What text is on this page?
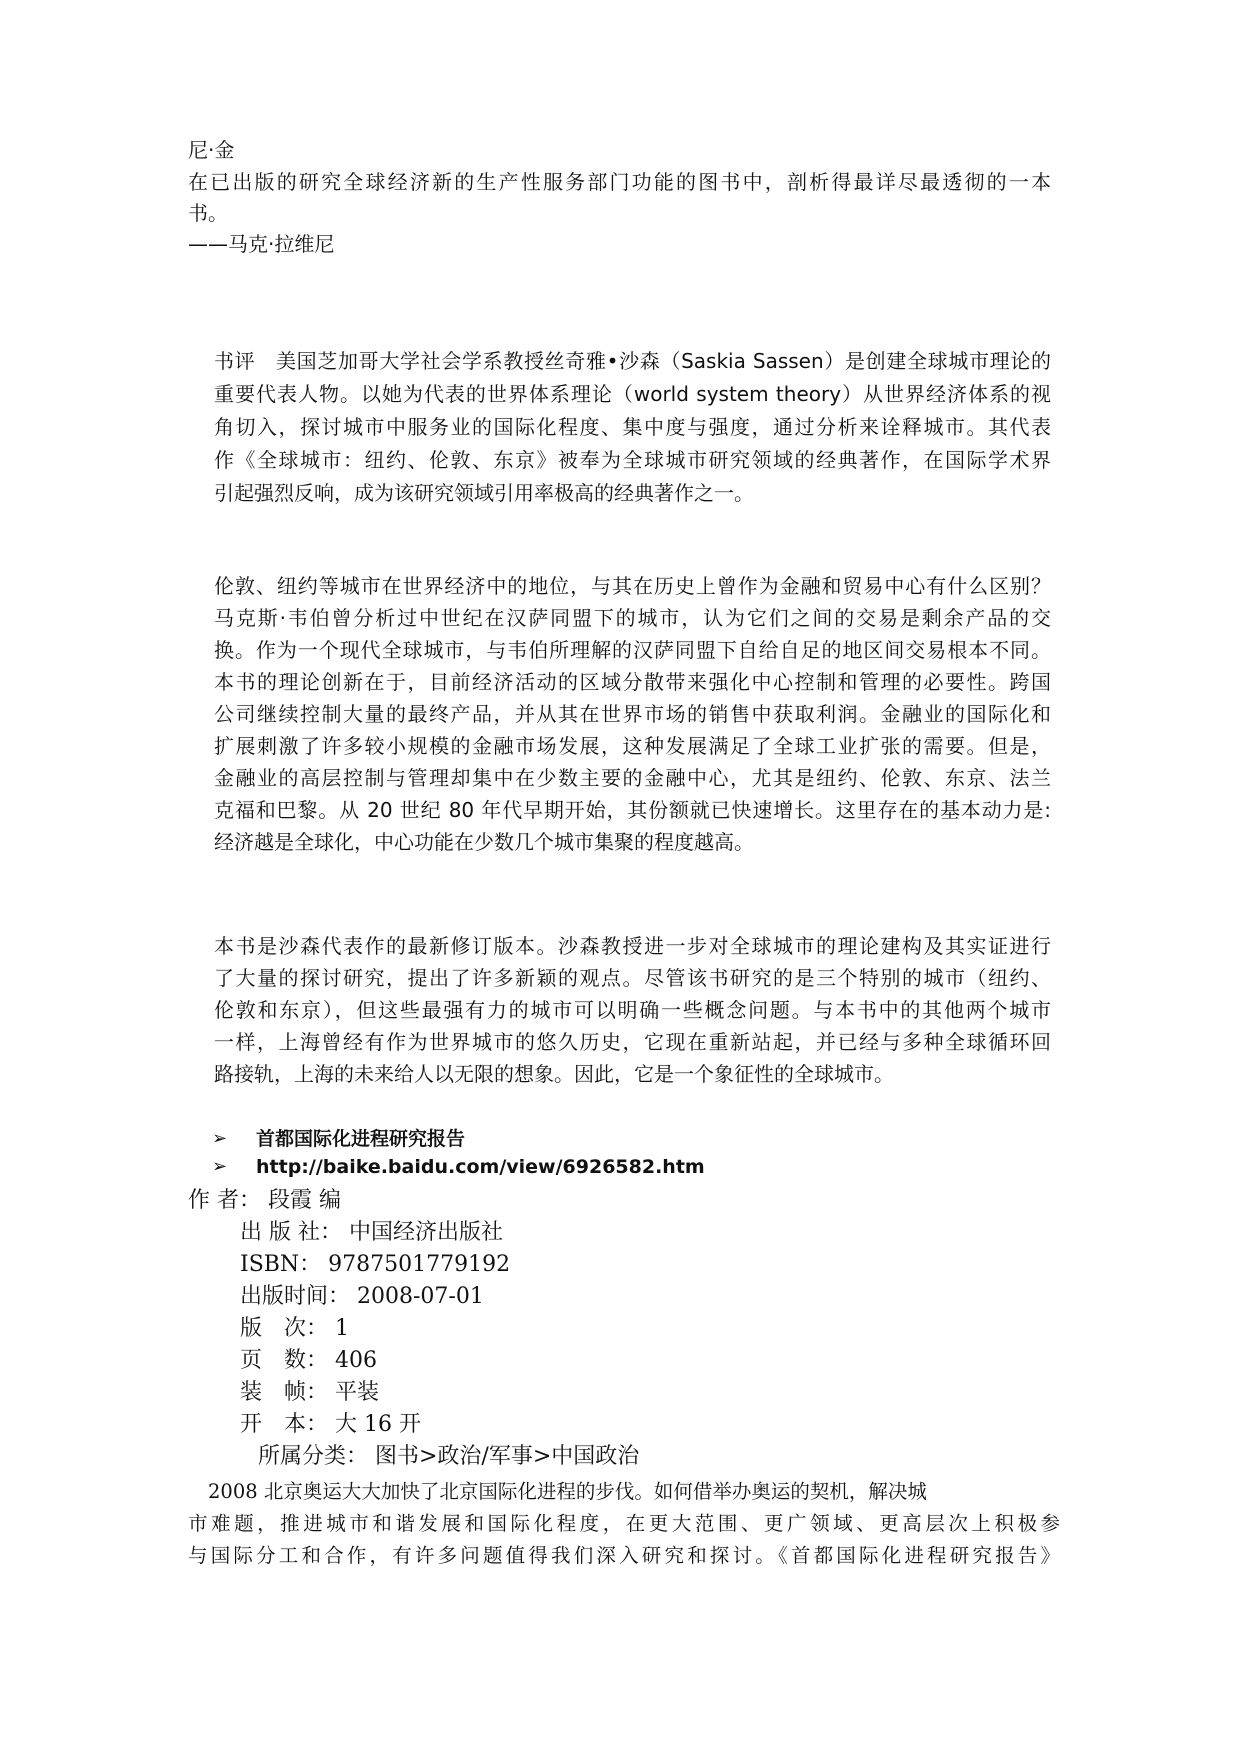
尼·金
在已出版的研究全球经济新的生产性服务部门功能的图书中，剖析得最详尽最透彻的一本
书。
——马克·拉维尼
书评　美国芝加哥大学社会学系教授丝奇雅•沙森（Saskia Sassen）是创建全球城市理论的
重要代表人物。以她为代表的世界体系理论（world system theory）从世界经济体系的视
角切入，探讨城市中服务业的国际化程度、集中度与强度，通过分析来诠释城市。其代表
作《全球城市：纽约、伦敦、东京》被奉为全球城市研究领域的经典著作，在国际学术界
引起强烈反响，成为该研究领域引用率极高的经典著作之一。
伦敦、纽约等城市在世界经济中的地位，与其在历史上曾作为金融和贸易中心有什么区别？
马克斯·韦伯曾分析过中世纪在汉萨同盟下的城市，认为它们之间的交易是剩余产品的交
换。作为一个现代全球城市，与韦伯所理解的汉萨同盟下自给自足的地区间交易根本不同。
本书的理论创新在于，目前经济活动的区域分散带来强化中心控制和管理的必要性。跨国
公司继续控制大量的最终产品，并从其在世界市场的销售中获取利润。金融业的国际化和
扩展刺激了许多较小规模的金融市场发展，这种发展满足了全球工业扩张的需要。但是，
金融业的高层控制与管理却集中在少数主要的金融中心，尤其是纽约、伦敦、东京、法兰
克福和巴黎。从 20 世纪 80 年代早期开始，其份额就已快速增长。这里存在的基本动力是:
经济越是全球化，中心功能在少数几个城市集聚的程度越高。
本书是沙森代表作的最新修订版本。沙森教授进一步对全球城市的理论建构及其实证进行
了大量的探讨研究，提出了许多新颖的观点。尽管该书研究的是三个特别的城市（纽约、
伦敦和东京），但这些最强有力的城市可以明确一些概念问题。与本书中的其他两个城市
一样，上海曾经有作为世界城市的悠久历史，它现在重新站起，并已经与多种全球循环回
路接轨，上海的未来给人以无限的想象。因此，它是一个象征性的全球城市。
➢ 首都国际化进程研究报告
➢ http://baike.baidu.com/view/6926582.htm
作 者： 段霞 编
出 版 社： 中国经济出版社
ISBN： 9787501779192
出版时间： 2008-07-01
版　次： 1
页　数： 406
装　帧： 平装
开　本： 大 16 开
所属分类： 图书>政治/军事>中国政治
2008 北京奥运大大加快了北京国际化进程的步伐。如何借举办奥运的契机，解决城
市难题，推进城市和谐发展和国际化程度，在更大范围、更广领域、更高层次上积极参
与国际分工和合作，有许多问题值得我们深入研究和探讨。《首都国际化进程研究报告》
